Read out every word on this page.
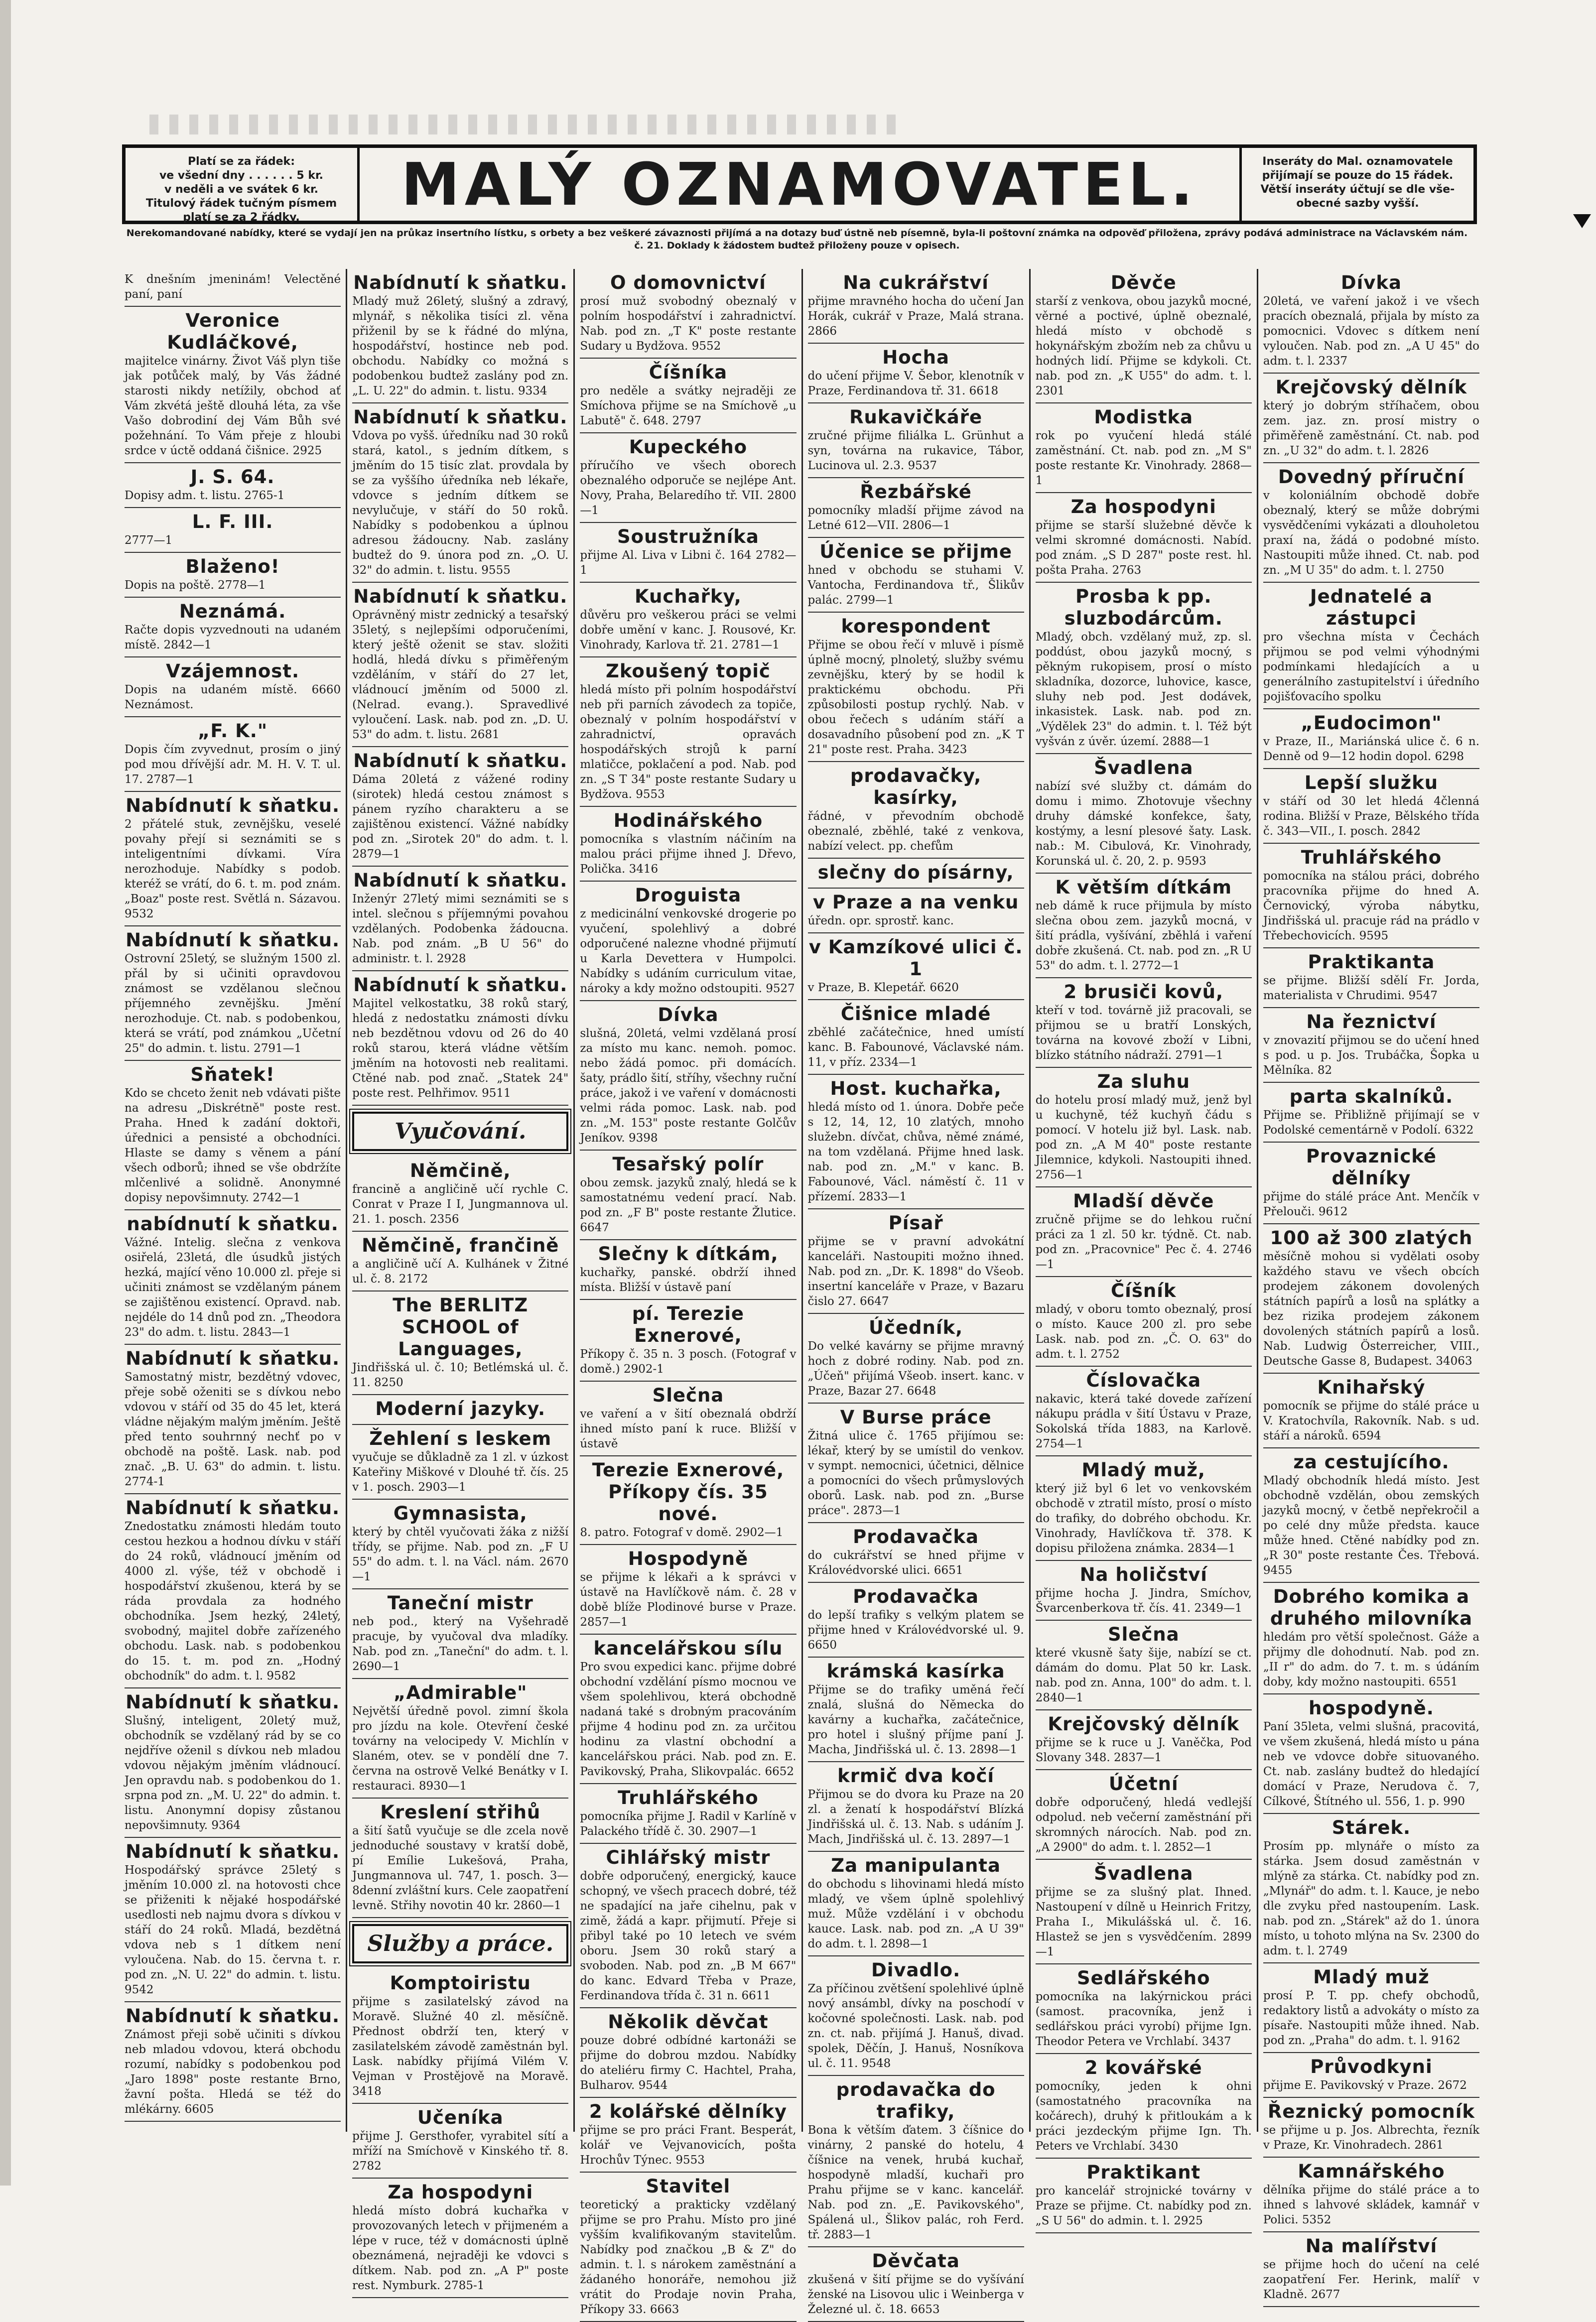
Platí se za řádek:
ve všední dny . . . . . . 5 kr.
v neděli a ve svátek 6 kr.
Titulový řádek tučným písmem
platí se za 2 řádky.	MALÝ OZNAMOVATEL.	Inseráty do Mal. oznamovatele
přijímají se pouze do 15 řádek.
Větší inseráty účtují se dle vše-
obecné sazby vyšší.
Nerekomandované nabídky, které se vydají jen na průkaz insertního lístku, s orbety a bez veškeré závaznosti přijímá a na dotazy buď ústně neb písemně, byla-li poštovní známka na odpověď přiložena, zprávy podává administrace na Václavském nám. č. 21. Doklady k žádostem budtež přiloženy pouze v opisech.
K dnešním jmeninám! Velectěné paní, paní
Veronice Kudláčkové,
majitelce vinárny. Život Váš plyn tiše jak potůček malý, by Vás žádné starosti nikdy netížily, obchod ať Vám zkvétá ještě dlouhá léta, za vše Vašo dobrodiní dej Vám Bůh své požehnání. To Vám přeje z hloubi srdce v úctě oddaná čišnice. 2925
J. S. 64.
Dopisy adm. t. listu. 2765-1
L. F. III.
2777—1
Blaženo!
Dopis na poště. 2778—1
Neznámá.
Račte dopis vyzvednouti na udaném místě. 2842—1
Vzájemnost.
Dopis na udaném místě. 6660 Neznámost.
„F. K."
Dopis čím zvyvednut, prosím o jiný pod mou dřívější adr. M. H. V. T. ul. 17. 2787—1
Nabídnutí k sňatku.
2 přátelé stuk, zevnějšku, veselé povahy přejí si seznámiti se s inteligentními dívkami. Víra nerozhoduje. Nabídky s podob. kteréž se vrátí, do 6. t. m. pod znám. „Boaz" poste rest. Světlá n. Sázavou. 9532
Nabídnutí k sňatku.
Ostrovní 25letý, se služným 1500 zl. přál by si učiniti opravdovou známost se vzdělanou slečnou příjemného zevnějšku. Jmění nerozhoduje. Ct. nab. s podobenkou, která se vrátí, pod známkou „Učetní 25" do admin. t. listu. 2791—1
Sňatek!
Kdo se chceto ženit neb vdávati pište na adresu „Diskrétně" poste rest. Praha. Hned k zadání doktoři, úřednici a pensisté a obchodníci. Hlaste se damy s věnem a pání všech odborů; ihned se vše obdržíte mlčenlivé a solidně. Anonymné dopisy nepovšimnuty. 2742—1
nabídnutí k sňatku.
Vážné. Intelig. slečna z venkova osiřelá, 23letá, dle úsudků jistých hezká, mající věno 10.000 zl. přeje si učiniti známost se vzdělaným pánem se zajištěnou existencí. Opravd. nab. nejdéle do 14 dnů pod zn. „Theodora 23" do adm. t. listu. 2843—1
Nabídnutí k sňatku.
Samostatný mistr, bezdětný vdovec, přeje sobě oženiti se s dívkou nebo vdovou v stáří od 35 do 45 let, která vládne nějakým malým jměním. Ještě před tento souhrnný nechť po v obchodě na poště. Lask. nab. pod znač. „B. U. 63" do admin. t. listu. 2774-1
Nabídnutí k sňatku.
Znedostatku známosti hledám touto cestou hezkou a hodnou dívku v stáří do 24 roků, vládnoucí jměním od 4000 zl. výše, též v obchodě i hospodářství zkušenou, která by se ráda provdala za hodného obchodníka. Jsem hezký, 24letý, svobodný, majitel dobře zařízeného obchodu. Lask. nab. s podobenkou do 15. t. m. pod zn. „Hodný obchodník" do adm. t. l. 9582
Nabídnutí k sňatku.
Slušný, inteligent, 20letý muž, obchodník se vzdělaný rád by se co nejdříve oženil s dívkou neb mladou vdovou nějakým jměním vládnoucí. Jen opravdu nab. s podobenkou do 1. srpna pod zn. „M. U. 22" do admin. t. listu. Anonymní dopisy zůstanou nepovšimnuty. 9364
Nabídnutí k sňatku.
Hospodářský správce 25letý s jměním 10.000 zl. na hotovosti chce se přiženiti k nějaké hospodářské usedlosti neb najmu dvora s dívkou v stáří do 24 roků. Mladá, bezdětná vdova neb s 1 dítkem není vyloučena. Nab. do 15. června t. r. pod zn. „N. U. 22" do admin. t. listu. 9542
Nabídnutí k sňatku.
Známost přeji sobě učiniti s dívkou neb mladou vdovou, která obchodu rozumí, nabídky s podobenkou pod „Jaro 1898" poste restante Brno, žavní pošta. Hledá se též do mlékárny. 6605
Nabídnutí k sňatku.
Mladý muž 26letý, slušný a zdravý, mlynář, s několika tisíci zl. věna přiženil by se k řádné do mlýna, hospodářství, hostince neb pod. obchodu. Nabídky co možná s podobenkou budtež zaslány pod zn. „L. U. 22" do admin. t. listu. 9334
Nabídnutí k sňatku.
Vdova po vyšš. úředníku nad 30 roků stará, katol., s jedním dítkem, s jměním do 15 tisíc zlat. provdala by se za vyššího úředníka neb lékaře, vdovce s jedním dítkem se nevylučuje, v stáří do 50 roků. Nabídky s podobenkou a úplnou adresou žádoucny. Nab. zaslány budtež do 9. února pod zn. „O. U. 32" do admin. t. listu. 9555
Nabídnutí k sňatku.
Oprávněný mistr zednický a tesařský 35letý, s nejlepšími odporučeními, který ještě oženit se stav. složiti hodlá, hledá dívku s přiměřeným vzděláním, v stáří do 27 let, vládnoucí jměním od 5000 zl. (Nelrad. evang.). Spravedlivé vyloučení. Lask. nab. pod zn. „D. U. 53" do adm. t. listu. 2681
Nabídnutí k sňatku.
Dáma 20letá z vážené rodiny (sirotek) hledá cestou známost s pánem ryzího charakteru a se zajištěnou existencí. Vážné nabídky pod zn. „Sirotek 20" do adm. t. l. 2879—1
Nabídnutí k sňatku.
Inženýr 27letý mimi seznámiti se s intel. slečnou s příjemnými povahou vzdělaných. Podobenka žádoucna. Nab. pod znám. „B U 56" do administr. t. l. 2928
Nabídnutí k sňatku.
Majitel velkostatku, 38 roků starý, hledá z nedostatku známosti dívku neb bezdětnou vdovu od 26 do 40 roků starou, která vládne větším jměním na hotovosti neb realitami. Ctěné nab. pod znač. „Statek 24" poste rest. Pelhřimov. 9511
Vyučování.
Němčině,
francině a angličině učí rychle C. Conrat v Praze I I, Jungmannova ul. 21. 1. posch. 2356
Němčině, frančině
a angličině učí A. Kulhánek v Žitné ul. č. 8. 2172
The BERLITZ SCHOOL of Languages,
Jindřišská ul. č. 10; Betlémská ul. č. 11. 8250
Moderní jazyky.
Žehlení s leskem
vyučuje se důkladně za 1 zl. v úzkost Kateřiny Miškové v Dlouhé tř. čís. 25 v 1. posch. 2903—1
Gymnasista,
který by chtěl vyučovati žáka z nižší třídy, se přijme. Nab. pod zn. „F U 55" do adm. t. l. na Václ. nám. 2670—1
Taneční mistr
neb pod., který na Vyšehradě pracuje, by vyučoval dva mladíky. Nab. pod zn. „Taneční" do adm. t. l. 2690—1
„Admirable"
Největší úředně povol. zimní škola pro jízdu na kole. Otevření české továrny na velocipedy V. Michlín v Slaném, otev. se v pondělí dne 7. června na ostrově Velké Benátky v I. restauraci. 8930—1
Kreslení střihů
a šití šatů vyučuje se dle zcela nově jednoduché soustavy v kratší době, pí Emílie Lukešová, Praha, Jungmannova ul. 747, 1. posch. 3—8denní zvláštní kurs. Cele zaopatření levně. Střihy novotin 40 kr. 2860—1
Služby a práce.
Komptoiristu
přijme s zasilatelský závod na Moravě. Služné 40 zl. měsíčně. Přednost obdrží ten, který v zasilatelském závodě zaměstnán byl. Lask. nabídky přijímá Vilém V. Vejman v Prostějově na Moravě. 3418
Učeníka
přijme J. Gersthofer, vyrabitel sítí a mříží na Smíchově v Kinského tř. 8. 2782
Za hospodyni
hledá místo dobrá kuchařka v provozovaných letech v přijmeném a lépe v ruce, též v domácnosti úplně obeznámená, nejraději ke vdovci s dítkem. Nab. pod zn. „A P" poste rest. Nymburk. 2785-1
O domovnictví
prosí muž svobodný obeznalý v polním hospodářství i zahradnictví. Nab. pod zn. „T K" poste restante Sudary u Bydžova. 9552
Číšníka
pro neděle a svátky nejraději ze Smíchova přijme se na Smíchově „u Labutě" č. 648. 2797
Kupeckého
příručího ve všech oborech obeznalého odporuče se nejlépe Ant. Novy, Praha, Belaredího tř. VII. 2800—1
Soustružníka
přijme Al. Liva v Libni č. 164 2782—1
Kuchařky,
důvěru pro veškerou práci se velmi dobře umění v kanc. J. Rousové, Kr. Vinohrady, Karlova tř. 21. 2781—1
Zkoušený topič
hledá místo při polním hospodářství neb při parních závodech za topiče, obeznalý v polním hospodářství v zahradnictví, opravách hospodářských strojů k parní mlatičce, poklačení a pod. Nab. pod zn. „S T 34" poste restante Sudary u Bydžova. 9553
Hodinářského
pomocníka s vlastním náčiním na malou práci přijme ihned J. Dřevo, Polička. 3416
Droguista
z medicinální venkovské drogerie po vyučení, spolehlivý a dobré odporučené nalezne vhodné přijmutí u Karla Devettera v Humpolci. Nabídky s udáním curriculum vitae, nároky a kdy možno odstoupiti. 9527
Dívka
slušná, 20letá, velmi vzdělaná prosí za místo mu kanc. nemoh. pomoc. nebo žádá pomoc. při domácích. šaty, prádlo šití, stříhy, všechny ruční práce, jakož i ve vaření v domácnosti velmi ráda pomoc. Lask. nab. pod zn. „M. 153" poste restante Golčův Jeníkov. 9398
Tesařský polír
obou zemsk. jazyků znalý, hledá se k samostatnému vedení prací. Nab. pod zn. „F B" poste restante Žlutice. 6647
Slečny k dítkám,
kuchařky, panské. obdrží ihned místa. Bližší v ústavě paní
pí. Terezie Exnerové,
Příkopy č. 35 n. 3 posch. (Fotograf v domě.) 2902-1
Slečna
ve vaření a v šití obeznalá obdrží ihned místo paní k ruce. Bližší v ústavě
Terezie Exnerové, Příkopy čís. 35 nové.
8. patro. Fotograf v domě. 2902—1
Hospodyně
se přijme k lékaři a k správci v ústavě na Havlíčkově nám. č. 28 v době blíže Plodinové burse v Praze. 2857—1
kancelářskou sílu
Pro svou expedici kanc. přijme dobré obchodní vzdělání písmo mocnou ve všem spolehlivou, která obchodně nadaná také s drobným pracováním přijme 4 hodinu pod zn. za určitou hodinu za vlastní obchodní a kancelářskou práci. Nab. pod zn. E. Pavikovský, Praha, Slikovpalác. 6652
Truhlářského
pomocníka přijme J. Radil v Karlíně v Palackého třídě č. 30. 2907—1
Cihlářský mistr
dobře odporučený, energický, kauce schopný, ve všech pracech dobré, též ne spadající na jaře cihelnu, pak v zimě, žádá a kapr. přijmutí. Přeje si přibyl také po 10 letech ve svém oboru. Jsem 30 roků starý a svoboden. Nab. pod zn. „B M 667" do kanc. Edvard Třeba v Praze, Ferdinandova třída č. 31 n. 6611
Několik děvčat
pouze dobré odbídné kartonáži se přijme do dobrou mzdou. Nabídky do ateliéru firmy C. Hachtel, Praha, Bulharov. 9544
2 kolářské dělníky
přijme se pro práci Frant. Besperát, kolář ve Vejvanovicích, pošta Hrochův Týnec. 9553
Stavitel
teoretický a prakticky vzdělaný přijme se pro Prahu. Místo pro jiné vyšším kvalifikovaným stavitelům. Nabídky pod značkou „B & Z" do admin. t. l. s nárokem zaměstnání a žádaného honoráře, nemohou již vrátit do Prodaje novin Praha, Příkopy 33. 6663
Na cukrářství
přijme mravného hocha do učení Jan Horák, cukrář v Praze, Malá strana. 2866
Hocha
do učení přijme V. Šebor, klenotník v Praze, Ferdinandova tř. 31. 6618
Rukavičkáře
zručné přijme filiálka L. Grünhut a syn, továrna na rukavice, Tábor, Lucinova ul. 2.3. 9537
Řezbářské
pomocníky mladší přijme závod na Letné 612—VII. 2806—1
Účenice se přijme
hned v obchodu se stuhami V. Vantocha, Ferdinandova tř., Šlikův palác. 2799—1
korespondent
Přijme se obou řečí v mluvě i písmě úplně mocný, plnoletý, služby svému zevnějšku, který by se hodil k praktickému obchodu. Při způsobilosti postup rychlý. Nab. v obou řečech s udáním stáří a dosavadního působení pod zn. „K T 21" poste rest. Praha. 3423
prodavačky, kasírky,
řádné, v převodním obchodě obeznalé, zběhlé, také z venkova, nabízí velect. pp. chefům
slečny do písárny,
v Praze a na venku
úředn. opr. sprostř. kanc.
v Kamzíkové ulici č. 1
v Praze, B. Klepetář. 6620
Čišnice mladé
zběhlé začátečnice, hned umístí kanc. B. Fabounové, Václavské nám. 11, v příz. 2334—1
Host. kuchařka,
hledá místo od 1. února. Dobře peče s 12, 14, 12, 10 zlatých, mnoho služebn. dívčat, chůva, němé známé, na tom vzdělaná. Přijme hned lask. nab. pod zn. „M." v kanc. B. Fabounové, Václ. náměstí č. 11 v přízemí. 2833—1
Písař
přijme se v pravní advokátní kanceláři. Nastoupiti možno ihned. Nab. pod zn. „Dr. K. 1898" do Všeob. insertní kanceláře v Praze, v Bazaru čislo 27. 6647
Účedník,
Do velké kavárny se přijme mravný hoch z dobré rodiny. Nab. pod zn. „Účeň" přijímá Všeob. insert. kanc. v Praze, Bazar 27. 6648
V Burse práce
Žitná ulice č. 1765 přijímou se: lékař, který by se umístil do venkov. v sympt. nemocnici, účetnici, dělnice a pomocníci do všech průmyslových oborů. Lask. nab. pod zn. „Burse práce". 2873—1
Prodavačka
do cukrářství se hned přijme v Královédvorské ulici. 6651
Prodavačka
do lepší trafiky s velkým platem se přijme hned v Královédvorské ul. 9. 6650
krámská kasírka
Přijme se do trafiky uměná řečí znalá, slušná do Německa do kavárny a kuchařka, začátečnice, pro hotel i slušný příjme paní J. Macha, Jindřišská ul. č. 13. 2898—1
krmič dva kočí
Přijmou se do dvora ku Praze na 20 zl. a ženatí k hospodářství Blízká Jindřišská ul. č. 13. Nab. s udáním J. Mach, Jindřišská ul. č. 13. 2897—1
Za manipulanta
do obchodu s lihovinami hledá místo mladý, ve všem úplně spolehlivý muž. Může vzdělání i v obchodu kauce. Lask. nab. pod zn. „A U 39" do adm. t. l. 2898—1
Divadlo.
Za příčinou zvětšení spolehlivé úplně nový ansámbl, dívky na poschodí v kočovné společnosti. Lask. nab. pod zn. ct. nab. přijímá J. Hanuš, divad. spolek, Děčín, J. Hanuš, Nosníkova ul. č. 11. 9548
prodavačka do trafiky,
Bona k větším ďatem. 3 číšnice do vinárny, 2 panské do hotelu, 4 číšnice na venek, hrubá kuchař, hospodyně mladší, kuchaři pro Prahu přijme se v kanc. kancelář. Nab. pod zn. „E. Pavikovského", Spálená ul., Šlikov palác, roh Ferd. tř. 2883—1
Děvčata
zkušená v šití přijme se do vyšívání ženské na Lisovou ulic i Weinberga v Železné ul. č. 18. 6653
Děvče
starší z venkova, obou jazyků mocné, věrné a poctivé, úplně obeznalé, hledá místo v obchodě s hokynářským zbožím neb za chůvu u hodných lidí. Přijme se kdykoli. Ct. nab. pod zn. „K U55" do adm. t. l. 2301
Modistka
rok po vyučení hledá stálé zaměstnání. Ct. nab. pod zn. „M S" poste restante Kr. Vinohrady. 2868—1
Za hospodyni
přijme se starší služebné děvče k velmi skromné domácnosti. Nabíd. pod znám. „S D 287" poste rest. hl. pošta Praha. 2763
Prosba k pp. sluzbodárcům.
Mladý, obch. vzdělaný muž, zp. sl. poddúst, obou jazyků mocný, s pěkným rukopisem, prosí o místo skladníka, dozorce, luhovice, kasce, sluhy neb pod. Jest dodávek, inkasistek. Lask. nab. pod zn. „Výdělek 23" do admin. t. l. Též být vyšván z úvěr. území. 2888—1
Švadlena
nabízí své služby ct. dámám do domu i mimo. Zhotovuje všechny druhy dámské konfekce, šaty, kostýmy, a lesní plesové šaty. Lask. nab.: M. Cibulová, Kr. Vinohrady, Korunská ul. č. 20, 2. p. 9593
K větším dítkám
neb dámě k ruce přijmula by místo slečna obou zem. jazyků mocná, v šití prádla, vyšívání, zběhlá i vaření dobře zkušená. Ct. nab. pod zn. „R U 53" do adm. t. l. 2772—1
2 brusiči kovů,
kteří v tod. továrně již pracovali, se přijmou se u bratří Lonských, továrna na kovové zboží v Libni, blízko státního nádraží. 2791—1
Za sluhu
do hotelu prosí mladý muž, jenž byl u kuchyně, též kuchyň čádu s pomocí. V hotelu již byl. Lask. nab. pod zn. „A M 40" poste restante Jilemnice, kdykoli. Nastoupiti ihned. 2756—1
Mladší děvče
zručně přijme se do lehkou ruční práci za 1 zl. 50 kr. týdně. Ct. nab. pod zn. „Pracovnice" Pec č. 4. 2746—1
Číšník
mladý, v oboru tomto obeznalý, prosí o místo. Kauce 200 zl. pro sebe Lask. nab. pod zn. „Č. O. 63" do adm. t. l. 2752
Číslovačka
nakavic, která také dovede zařízení nákupu prádla v šití Ústavu v Praze, Sokolská třída 1883, na Karlově. 2754—1
Mladý muž,
který již byl 6 let vo venkovském obchodě v ztratil místo, prosí o místo do trafiky, do dobrého obchodu. Kr. Vinohrady, Havlíčkova tř. 378. K dopisu přiložena známka. 2834—1
Na holičství
přijme hocha J. Jindra, Smíchov, Švarcenberkova tř. čís. 41. 2349—1
Slečna
které vkusně šaty šije, nabízí se ct. dámám do domu. Plat 50 kr. Lask. nab. pod zn. Anna, 100" do adm. t. l. 2840—1
Krejčovský dělník
přijme se k ruce u J. Vaněčka, Pod Slovany 348. 2837—1
Účetní
dobře odporučený, hledá vedlejší odpolud. neb večerní zaměstnání při skromných nárocích. Nab. pod zn. „A 2900" do adm. t. l. 2852—1
Švadlena
přijme se za slušný plat. Ihned. Nastoupení v dílně u Heinrich Fritzy, Praha I., Mikulášská ul. č. 16. Hlastež se jen s vysvědčením. 2899—1
Sedlářského
pomocníka na lakýrnickou práci (samost. pracovníka, jenž i sedlářskou práci vyrobí) přijme Ign. Theodor Petera ve Vrchlabí. 3437
2 kovářské
pomocníky, jeden k ohni (samostatného pracovníka na kočárech), druhý k přitloukám a k práci jezdeckým přijme Ign. Th. Peters ve Vrchlabí. 3430
Praktikant
pro kancelář strojnické továrny v Praze se přijme. Ct. nabídky pod zn. „S U 56" do admin. t. l. 2925
Dívka
20letá, ve vaření jakož i ve všech pracích obeznalá, přijala by místo za pomocnici. Vdovec s dítkem není vyloučen. Nab. pod zn. „A U 45" do adm. t. l. 2337
Krejčovský dělník
který jo dobrým stříhačem, obou zem. jaz. zn. prosí mistry o přiměřeně zaměstnání. Ct. nab. pod zn. „U 32" do adm. t. l. 2826
Dovedný příruční
v koloniálním obchodě dobře obeznalý, který se může dobrými vysvědčeními vykázati a dlouholetou praxí na, žádá o podobné místo. Nastoupiti může ihned. Ct. nab. pod zn. „M U 35" do adm. t. l. 2750
Jednatelé a zástupci
pro všechna místa v Čechách přijmou se pod velmi výhodnými podmínkami hledajících a u generálního zastupitelství i úředního pojišťovacího spolku
„Eudocimon"
v Praze, II., Mariánská ulice č. 6 n. Denně od 9—12 hodin dopol. 6298
Lepší služku
v stáří od 30 let hledá 4členná rodina. Bližší v Praze, Bělského třída č. 343—VII., I. posch. 2842
Truhlářského
pomocníka na stálou práci, dobrého pracovníka přijme do hned A. Černovický, výroba nábytku, Jindřišská ul. pracuje rád na prádlo v Třebechovicích. 9595
Praktikanta
se přijme. Bližší sdělí Fr. Jorda, materialista v Chrudimi. 9547
Na řeznictví
v znovazití přijmou se do učení hned s pod. u p. Jos. Trubáčka, Šopka u Mělníka. 82
parta skalníků.
Přijme se. Přibližně přijímají se v Podolské cementárně v Podolí. 6322
Provaznické dělníky
přijme do stálé práce Ant. Menčík v Přelouči. 9612
100 až 300 zlatých
měsíčně mohou si vydělati osoby každého stavu ve všech obcích prodejem zákonem dovolených státních papírů a losů na splátky a bez rizika prodejem zákonem dovolených státních papírů a losů. Nab. Ludwig Österreicher, VIII., Deutsche Gasse 8, Budapest. 34063
Knihařský
pomocník se přijme do stálé práce u V. Kratochvíla, Rakovník. Nab. s ud. stáří a nároků. 6594
za cestujícího.
Mladý obchodník hledá místo. Jest obchodně vzdělán, obou zemských jazyků mocný, v četbě nepřekročil a po celé dny může předsta. kauce může hned. Ctěné nabídky pod zn. „R 30" poste restante Čes. Třebová. 9455
Dobrého komika a druhého milovníka
hledám pro větší společnost. Gáže a přijmy dle dohodnutí. Nab. pod zn. „II r" do adm. do 7. t. m. s údáním doby, kdy možno nastoupiti. 6551
hospodyně.
Paní 35leta, velmi slušná, pracovitá, ve všem zkušená, hledá místo u pána neb ve vdovce dobře situovaného. Ct. nab. zaslány budtež do hledající domácí v Praze, Nerudova č. 7, Cílkové, Štítného ul. 556, 1. p. 990
Stárek.
Prosím pp. mlynáře o místo za stárka. Jsem dosud zaměstnán v mlýně za stárka. Ct. nabídky pod zn. „Mlynář" do adm. t. l. Kauce, je nebo dle zvyku před nastoupením. Lask. nab. pod zn. „Stárek" až do 1. února místo, u tohoto mlýna na Sv. 2300 do adm. t. l. 2749
Mladý muž
prosí P. T. pp. chefy obchodů, redaktory listů a advokáty o místo za písaře. Nastoupiti může ihned. Nab. pod zn. „Praha" do adm. t. l. 9162
Průvodkyni
přijme E. Pavikovský v Praze. 2672
Řeznický pomocník
se přijme u p. Jos. Albrechta, řezník v Praze, Kr. Vinohradech. 2861
Kamnářského
dělníka přijme do stálé práce a to ihned s lahvové skládek, kamnář v Polici. 5352
Na malířství
se přijme hoch do učení na celé zaopatření Fer. Herink, malíř v Kladně. 2677
